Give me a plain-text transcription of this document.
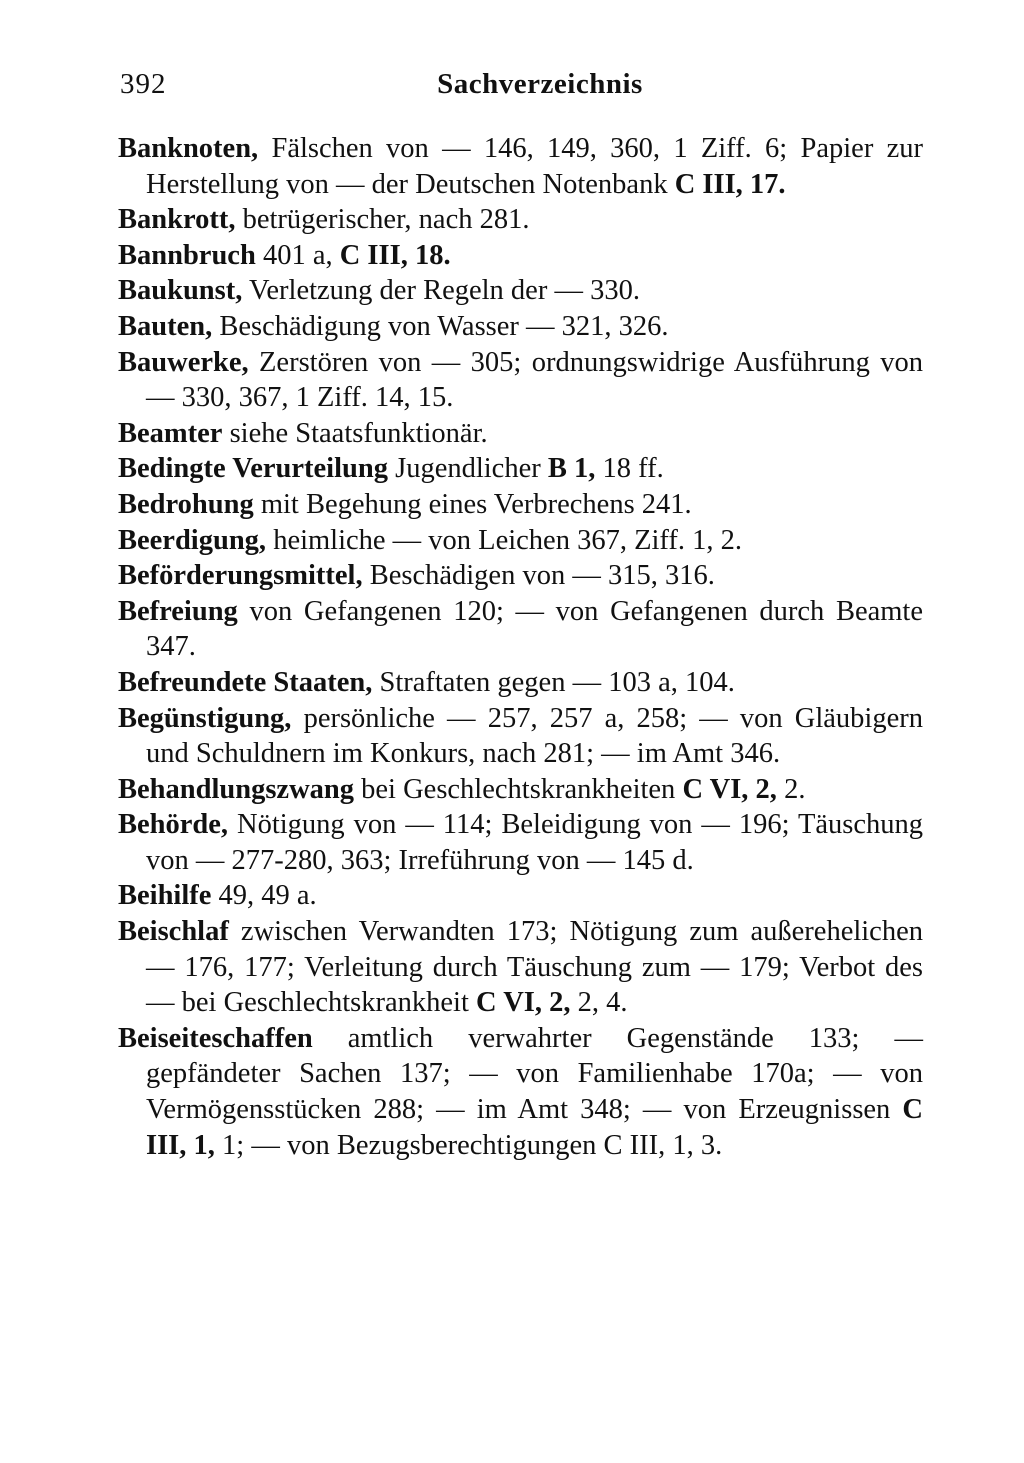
392	Sachverzeichnis

Banknoten, Fälschen von — 146, 149, 360, 1 Ziff. 6; Papier zur Herstellung von — der Deutschen Notenbank C III, 17.

Bankrott, betrügerischer, nach 281.

Bannbruch 401 a, C III, 18.

Baukunst, Verletzung der Regeln der — 330.

Bauten, Beschädigung von Wasser — 321, 326.

Bauwerke, Zerstören von — 305; ordnungswidrige Ausführung von — 330, 367, 1 Ziff. 14, 15.

Beamter siehe Staatsfunktionär.

Bedingte Verurteilung Jugendlicher B 1, 18 ff.

Bedrohung mit Begehung eines Verbrechens 241.

Beerdigung, heimliche — von Leichen 367, Ziff. 1, 2.

Beförderungsmittel, Beschädigen von — 315, 316.

Befreiung von Gefangenen 120; — von Gefangenen durch Beamte 347.

Befreundete Staaten, Straftaten gegen — 103 a, 104.

Begünstigung, persönliche — 257, 257 a, 258; — von Gläubigern und Schuldnern im Konkurs, nach 281; — im Amt 346.

Behandlungszwang bei Geschlechtskrankheiten C VI, 2, 2.

Behörde, Nötigung von — 114; Beleidigung von — 196; Täuschung von — 277-280, 363; Irreführung von — 145 d.

Beihilfe 49, 49 a.

Beischlaf zwischen Verwandten 173; Nötigung zum außerehelichen — 176, 177; Verleitung durch Täuschung zum — 179; Verbot des — bei Geschlechtskrankheit C VI, 2, 2, 4.

Beiseiteschaffen amtlich verwahrter Gegenstände 133; — gepfändeter Sachen 137; — von Familienhabe 170a; — von Vermögensstücken 288; — im Amt 348; — von Erzeugnissen C III, 1, 1; — von Bezugsberechtigungen C III, 1, 3.
